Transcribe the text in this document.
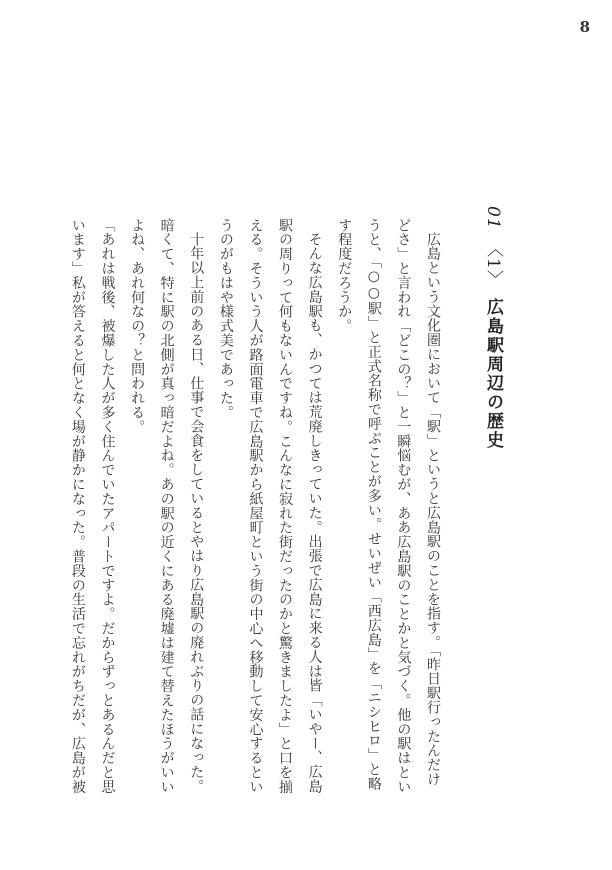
8
01 〈1〉 広島駅周辺の歴史
広島という文化圏において「駅」というと広島駅のことを指す。「昨日駅行ったんだけ
どさ」と言われ「どこの？」と一瞬悩むが、ああ広島駅のことかと気づく。他の駅はとい
うと、「○○駅」と正式名称で呼ぶことが多い。せいぜい「西広島」を「ニシヒロ」と略
す程度だろうか。
そんな広島駅も、かつては荒廃しきっていた。出張で広島に来る人は皆「いやー、広島
駅の周りって何もないんですね。こんなに寂れた街だったのかと驚きましたよ」と口を揃
える。そういう人が路面電車で広島駅から紙屋町という街の中心へ移動して安心するとい
うのがもはや様式美であった。
十年以上前のある日、仕事で会食をしているとやはり広島駅の廃れぶりの話になった。
暗くて、特に駅の北側が真っ暗だよね。あの駅の近くにある廃墟は建て替えたほうがいい
よね、あれ何なの？と問われる。
「あれは戦後、被爆した人が多く住んでいたアパートですよ。だからずっとあるんだと思
います」私が答えると何となく場が静かになった。普段の生活で忘れがちだが、広島が被
